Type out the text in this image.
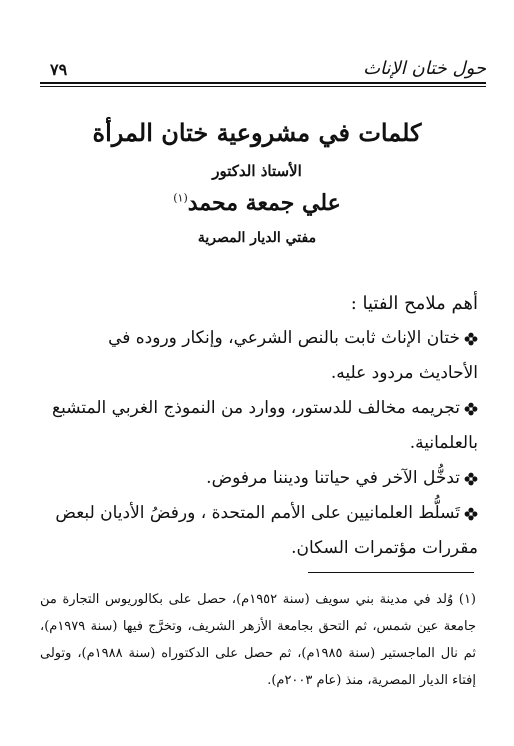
٧٩	حول ختان الإناث
كلمات في مشروعية ختان المرأة
الأستاذ الدكتور
علي جمعة محمد$^{(١)}$
مفتي الديار المصرية
أهم ملامح الفتيا :
ختان الإناث ثابت بالنص الشرعي، وإنكار وروده في الأحاديث مردود عليه.
تجريمه مخالف للدستور، ووارد من النموذج الغربي المتشبع بالعلمانية.
تدخُّل الآخر في حياتنا وديننا مرفوض.
تَسلُّط العلمانيين على الأمم المتحدة ، ورفضُ الأديان لبعض مقررات مؤتمرات السكان.
(١) وُلد في مدينة بني سويف (سنة ١٩٥٢م)، حصل على بكالوريوس التجارة من جامعة عين شمس، ثم التحق بجامعة الأزهر الشريف، وتخرَّج فيها (سنة ١٩٧٩م)، ثم نال الماجستير (سنة ١٩٨٥م)، ثم حصل على الدكتوراه (سنة ١٩٨٨م)، وتولى إفتاء الديار المصرية، منذ (عام ٢٠٠٣م).
